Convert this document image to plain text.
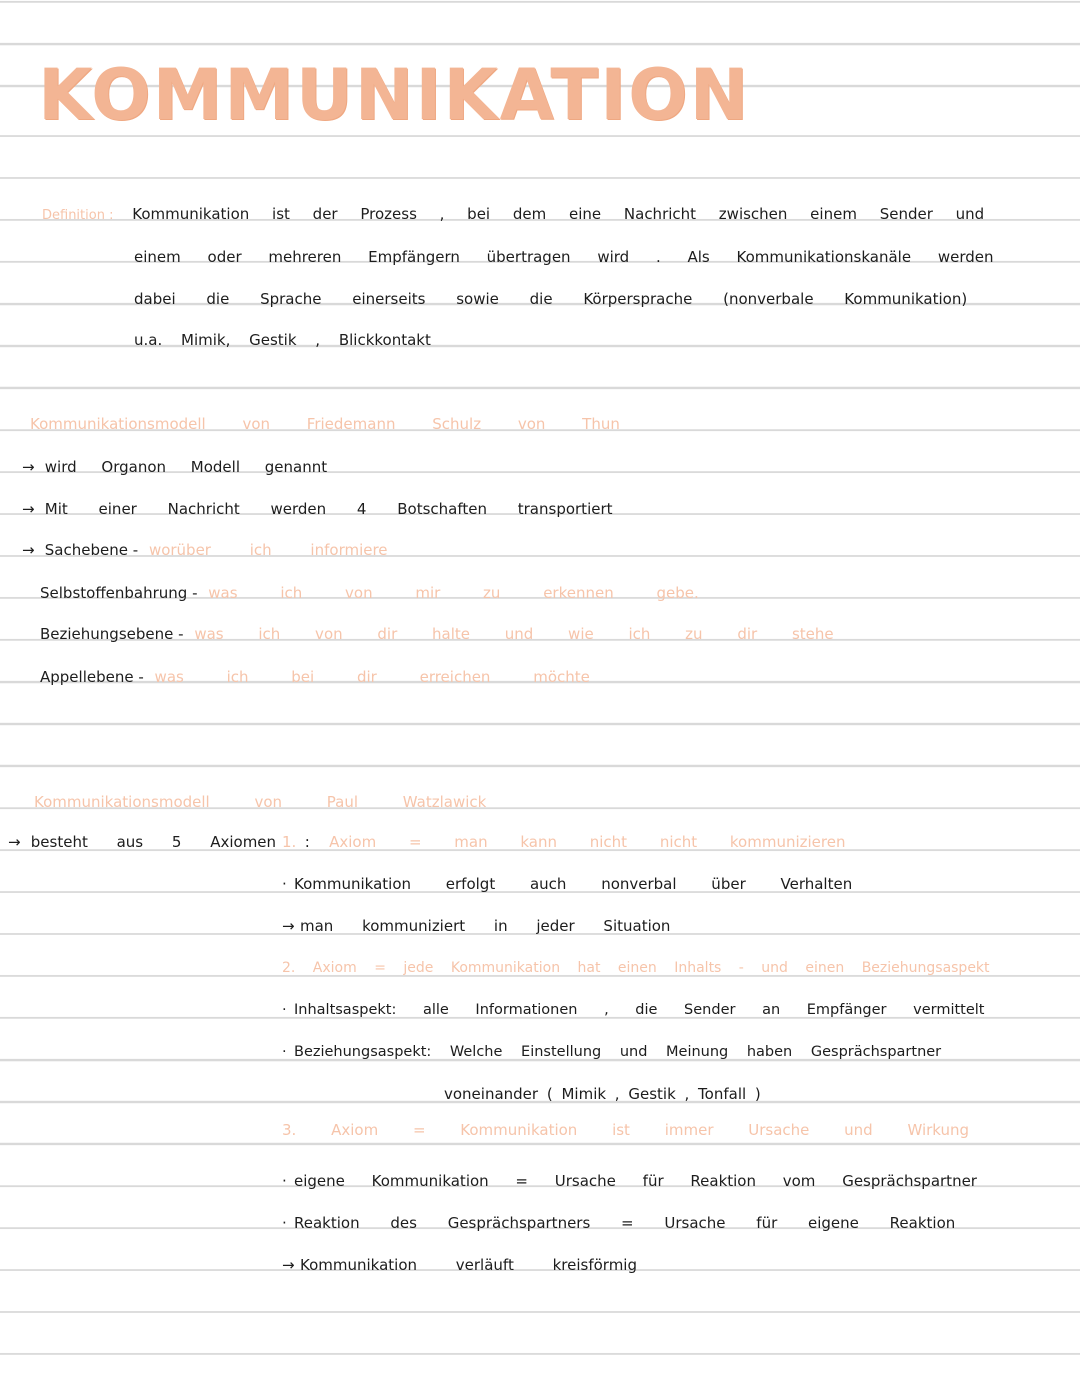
KOMMUNIKATION
Definition : Kommunikation ist der Prozess , bei dem eine Nachricht zwischen einem Sender und
einem oder mehreren Empfängern übertragen wird . Als Kommunikationskanäle werden
dabei die Sprache einerseits sowie die Körpersprache (nonverbale Kommunikation)
u.a. Mimik, Gestik , Blickkontakt
Kommunikationsmodell von Friedemann Schulz von Thun
→ wird Organon Modell genannt
→ Mit einer Nachricht werden 4 Botschaften transportiert
→ Sachebene - worüber ich informiere
Selbstoffenbahrung - was ich von mir zu erkennen gebe.
Beziehungsebene - was ich von dir halte und wie ich zu dir stehe
Appellebene - was ich bei dir erreichen möchte
Kommunikationsmodell von Paul Watzlawick
→ besteht aus 5 Axiomen :
1. Axiom = man kann nicht nicht kommunizieren
· Kommunikation erfolgt auch nonverbal über Verhalten
→ man kommuniziert in jeder Situation
2. Axiom = jede Kommunikation hat einen Inhalts - und einen Beziehungsaspekt
· Inhaltsaspekt: alle Informationen , die Sender an Empfänger vermittelt
· Beziehungsaspekt: Welche Einstellung und Meinung haben Gesprächspartner
voneinander ( Mimik , Gestik , Tonfall )
3. Axiom = Kommunikation ist immer Ursache und Wirkung
· eigene Kommunikation = Ursache für Reaktion vom Gesprächspartner
· Reaktion des Gesprächspartners = Ursache für eigene Reaktion
→ Kommunikation verläuft kreisförmig
